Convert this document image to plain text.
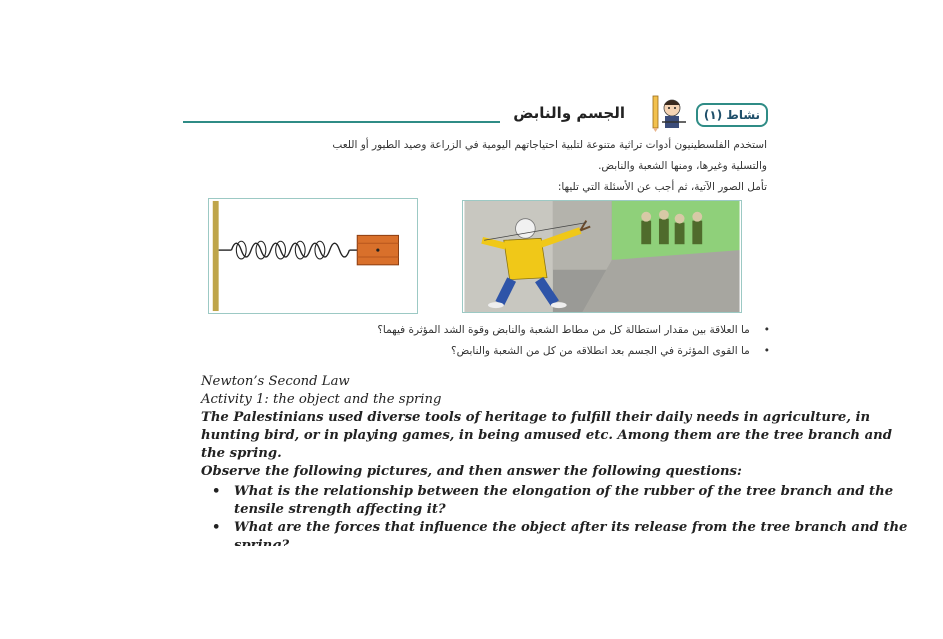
الجسم والنابض	نشاط (١)
استخدم الفلسطينيون أدوات تراثية متنوعة لتلبية احتياجاتهم اليومية في الزراعة وصيد الطيور أو اللعب
والتسلية وغيرها، ومنها الشعبة والنابض.
تأمل الصور الآتية، ثم أجب عن الأسئلة التي تليها:
•ما العلاقة بين مقدار استطالة كل من مطاط الشعبة والنابض وقوة الشد المؤثرة فيهما؟
•ما القوى المؤثرة في الجسم بعد انطلاقه من كل من الشعبة والنابض؟
Newton’s Second Law
Activity 1: the object and the spring
The Palestinians used diverse tools of heritage to fulfill their daily needs in agriculture, in
hunting bird, or in playing games, in being amused etc. Among them are the tree branch and
the spring.
Observe the following pictures, and then answer the following questions:
• What is the relationship between the elongation of the rubber of the tree branch and the
tensile strength affecting it?
• What are the forces that influence the object after its release from the tree branch and the
